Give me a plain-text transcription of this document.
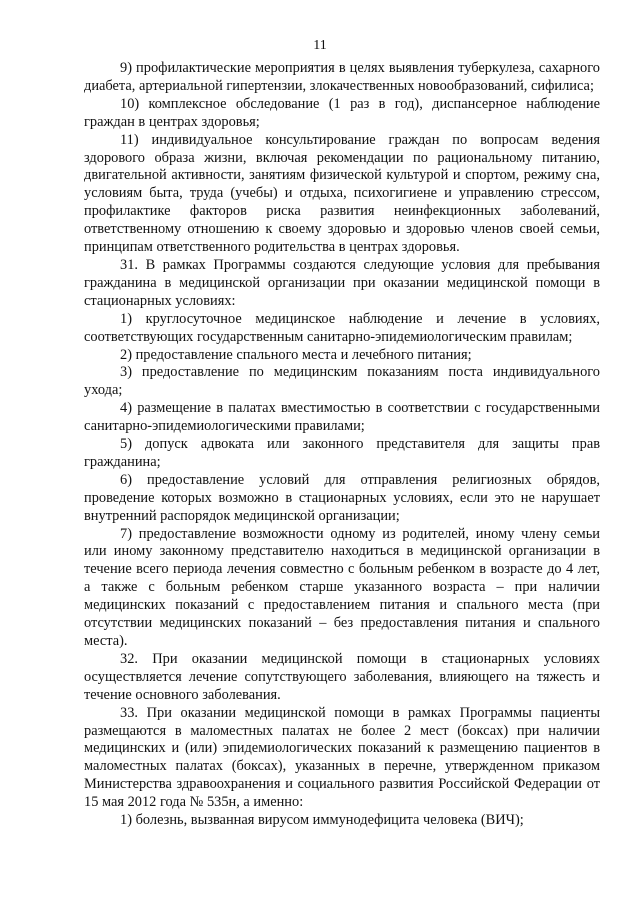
11

9) профилактические мероприятия в целях выявления туберкулеза, сахарного диабета, артериальной гипертензии, злокачественных новообразований, сифилиса;

10) комплексное обследование (1 раз в год), диспансерное наблюдение граждан в центрах здоровья;

11) индивидуальное консультирование граждан по вопросам ведения здорового образа жизни, включая рекомендации по рациональному питанию, двигательной активности, занятиям физической культурой и спортом, режиму сна, условиям быта, труда (учебы) и отдыха, психогигиене и управлению стрессом, профилактике факторов риска развития неинфекционных заболеваний, ответственному отношению к своему здоровью и здоровью членов своей семьи, принципам ответственного родительства в центрах здоровья.

31. В рамках Программы создаются следующие условия для пребывания гражданина в медицинской организации при оказании медицинской помощи в стационарных условиях:

1) круглосуточное медицинское наблюдение и лечение в условиях, соответствующих государственным санитарно-эпидемиологическим правилам;

2) предоставление спального места и лечебного питания;

3) предоставление по медицинским показаниям поста индивидуального ухода;

4) размещение в палатах вместимостью в соответствии с государственными санитарно-эпидемиологическими правилами;

5) допуск адвоката или законного представителя для защиты прав гражданина;

6) предоставление условий для отправления религиозных обрядов, проведение которых возможно в стационарных условиях, если это не нарушает внутренний распорядок медицинской организации;

7) предоставление возможности одному из родителей, иному члену семьи или иному законному представителю находиться в медицинской организации в течение всего периода лечения совместно с больным ребенком в возрасте до 4 лет, а также с больным ребенком старше указанного возраста – при наличии медицинских показаний с предоставлением питания и спального места (при отсутствии медицинских показаний – без предоставления питания и спального места).

32. При оказании медицинской помощи в стационарных условиях осуществляется лечение сопутствующего заболевания, влияющего на тяжесть и течение основного заболевания.

33. При оказании медицинской помощи в рамках Программы пациенты размещаются в маломестных палатах не более 2 мест (боксах) при наличии медицинских и (или) эпидемиологических показаний к размещению пациентов в маломестных палатах (боксах), указанных в перечне, утвержденном приказом Министерства здравоохранения и социального развития Российской Федерации от 15 мая 2012 года № 535н, а именно:

1) болезнь, вызванная вирусом иммунодефицита человека (ВИЧ);
